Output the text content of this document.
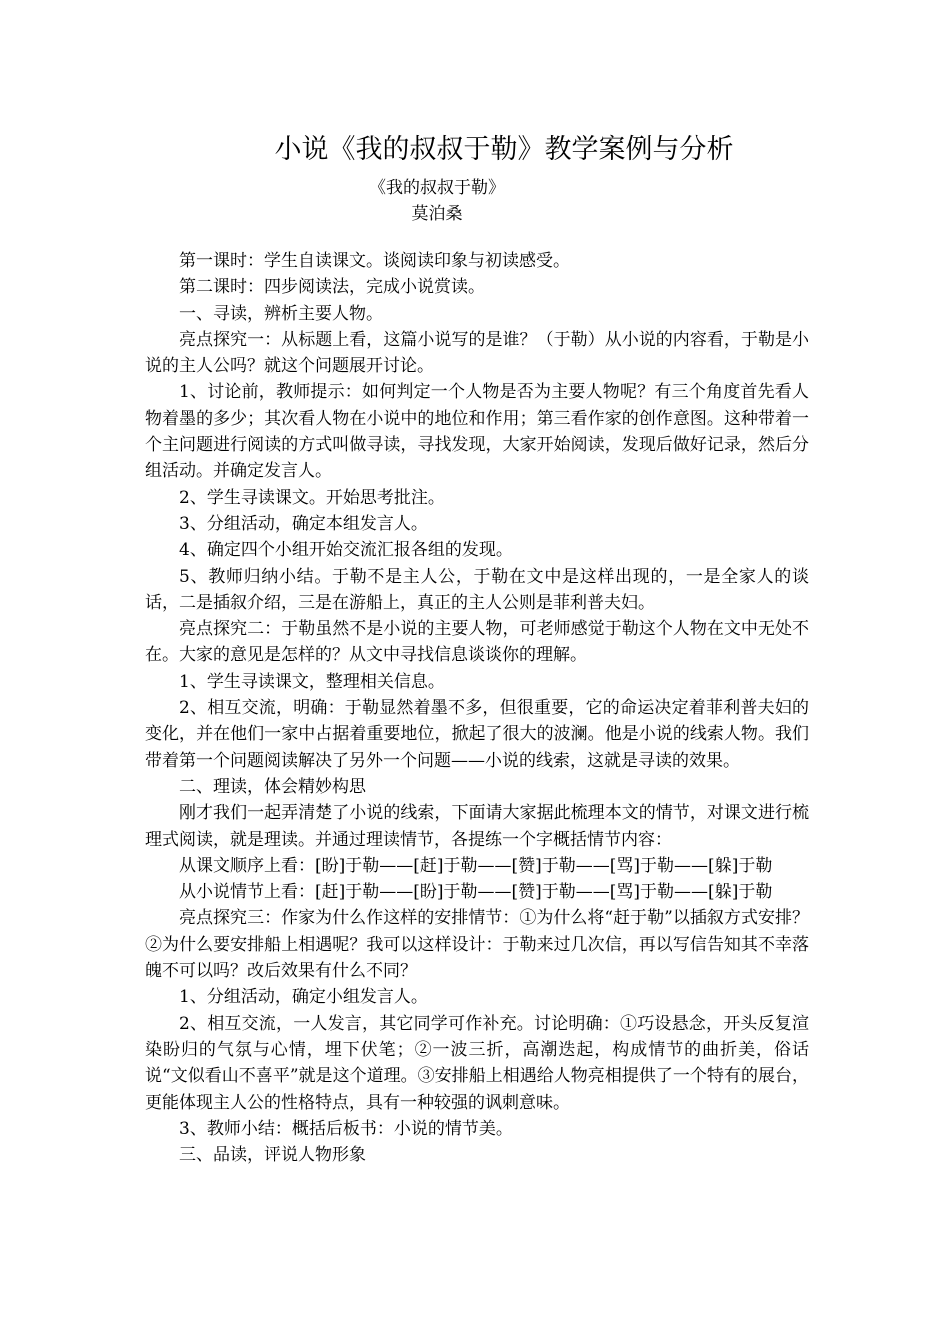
小说《我的叔叔于勒》教学案例与分析
《我的叔叔于勒》
莫泊桑

第一课时：学生自读课文。谈阅读印象与初读感受。

第二课时：四步阅读法，完成小说赏读。

一、寻读，辨析主要人物。

亮点探究一：从标题上看，这篇小说写的是谁？（于勒）从小说的内容看，于勒是小说的主人公吗？就这个问题展开讨论。

1、讨论前，教师提示：如何判定一个人物是否为主要人物呢？有三个角度首先看人物着墨的多少；其次看人物在小说中的地位和作用；第三看作家的创作意图。这种带着一个主问题进行阅读的方式叫做寻读，寻找发现，大家开始阅读，发现后做好记录，然后分组活动。并确定发言人。

2、学生寻读课文。开始思考批注。

3、分组活动，确定本组发言人。

4、确定四个小组开始交流汇报各组的发现。

5、教师归纳小结。于勒不是主人公，于勒在文中是这样出现的，一是全家人的谈话，二是插叙介绍，三是在游船上，真正的主人公则是菲利普夫妇。

亮点探究二：于勒虽然不是小说的主要人物，可老师感觉于勒这个人物在文中无处不在。大家的意见是怎样的？从文中寻找信息谈谈你的理解。

1、学生寻读课文，整理相关信息。

2、相互交流，明确：于勒显然着墨不多，但很重要，它的命运决定着菲利普夫妇的变化，并在他们一家中占据着重要地位，掀起了很大的波澜。他是小说的线索人物。我们带着第一个问题阅读解决了另外一个问题——小说的线索，这就是寻读的效果。

二、理读，体会精妙构思

刚才我们一起弄清楚了小说的线索，下面请大家据此梳理本文的情节，对课文进行梳理式阅读，就是理读。并通过理读情节，各提练一个字概括情节内容：

从课文顺序上看：[盼]于勒——[赶]于勒——[赞]于勒——[骂]于勒——[躲]于勒

从小说情节上看：[赶]于勒——[盼]于勒——[赞]于勒——[骂]于勒——[躲]于勒

亮点探究三：作家为什么作这样的安排情节：①为什么将“赶于勒”以插叙方式安排？②为什么要安排船上相遇呢？我可以这样设计：于勒来过几次信，再以写信告知其不幸落魄不可以吗？改后效果有什么不同？

1、分组活动，确定小组发言人。

2、相互交流，一人发言，其它同学可作补充。讨论明确：①巧设悬念，开头反复渲染盼归的气氛与心情，埋下伏笔；②一波三折，高潮迭起，构成情节的曲折美，俗话说“文似看山不喜平”就是这个道理。③安排船上相遇给人物亮相提供了一个特有的展台，更能体现主人公的性格特点，具有一种较强的讽刺意味。

3、教师小结：概括后板书：小说的情节美。

三、品读，评说人物形象
